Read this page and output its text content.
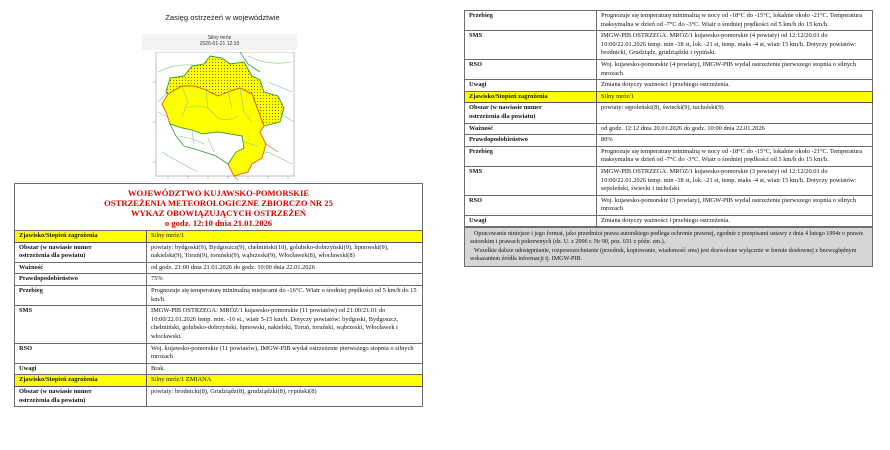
Zasięg ostrzeżeń w województwie
Silny mróz
2026-01-21 12:10
WOJEWÓDZTWO KUJAWSKO-POMORSKIE
OSTRZEŻENIA METEOROLOGICZNE ZBIORCZO NR 25
WYKAZ OBOWIĄZUJĄCYCH OSTRZEŻEŃ
o godz. 12:10 dnia 21.01.2026	

Zjawisko/Stopień zagrożenia	Silny mróz/1
Obszar (w nawiasie numer
ostrzeżenia dla powiatu)	powiaty: bydgoski(9), Bydgoszcz(9), chełmiński(10), golubsko-dobrzyński(9), lipnowski(9), nakielski(9), Toruń(9), toruński(9), wąbrzeski(9), Włocławek(8), włocławski(8)
Ważność	od godz. 21:00 dnia 21.01.2026 do godz. 10:00 dnia 22.01.2026
Prawdopodobieństwo	75%
Przebieg	Prognozuje się temperaturę minimalną miejscami do -16°C. Wiatr o średniej prędkości od 5 km/h do 15 km/h.
SMS	IMGW-PIB OSTRZEGA: MRÓZ/1 kujawsko-pomorskie (11 powiatów) od 21:00/21.01 do 10:00/22.01.2026 temp. min. -16 st., wiatr 5-15 km/h. Dotyczy powiatów: bydgoski, Bydgoszcz, chełmiński, golubsko-dobrzyński, lipnowski, nakielski, Toruń, toruński, wąbrzeski, Włocławek i włocławski.
RSO	Woj. kujawsko-pomorskie (11 powiatów), IMGW-PIB wydał ostrzeżenie pierwszego stopnia o silnych mrozach
Uwagi	Brak.
Zjawisko/Stopień zagrożenia	Silny mróz/1 ZMIANA
Obszar (w nawiasie numer
ostrzeżenia dla powiatu)	powiaty: brodnicki(8), Grudziądz(8), grudziądzki(8), rypiński(8)
Przebieg	Prognozuje się temperaturę minimalną w nocy od -18°C do -15°C, lokalnie około -21°C. Temperatura maksymalna w dzień od -7°C do -3°C. Wiatr o średniej prędkości od 5 km/h do 15 km/h.
SMS	IMGW-PIB OSTRZEGA: MRÓZ/1 kujawsko-pomorskie (4 powiaty) od 12:12/20.01 do 10:00/22.01.2026 temp. min -18 st, lok. -21 st, temp. maks -4 st, wiatr 15 km/h. Dotyczy powiatów: brodnicki, Grudziądz, grudziądzki i rypiński.
RSO	Woj. kujawsko-pomorskie (4 powiaty), IMGW-PIB wydał ostrzeżenie pierwszego stopnia o silnych mrozach
Uwagi	Zmiana dotyczy ważności i przebiegu ostrzeżenia.
Zjawisko/Stopień zagrożenia	Silny mróz/1
Obszar (w nawiasie numer
ostrzeżenia dla powiatu)	powiaty: sępoleński(8), świecki(9), tucholski(9)
Ważność	od godz. 12:12 dnia 20.01.2026 do godz. 10:00 dnia 22.01.2026
Prawdopodobieństwo	80%
Przebieg	Prognozuje się temperaturę minimalną w nocy od -18°C do -15°C, lokalnie około -21°C. Temperatura maksymalna w dzień od -7°C do -3°C. Wiatr o średniej prędkości od 5 km/h do 15 km/h.
SMS	IMGW-PIB OSTRZEGA: MRÓZ/1 kujawsko-pomorskie (3 powiaty) od 12:12/20.01 do 10:00/22.01.2026 temp. min -18 st, lok. -21 st, temp. maks -4 st, wiatr 15 km/h. Dotyczy powiatów: sepoleński, świecki i tucholski.
RSO	Woj. kujawsko-pomorskie (3 powiaty), IMGW-PIB wydał ostrzeżenie pierwszego stopnia o silnych mrozach
Uwagi	Zmiana dotyczy ważności i przebiegu ostrzeżenia.

Opracowanie niniejsze i jego format, jako przedmiot prawa autorskiego podlega ochronie prawnej, zgodnie z przepisami ustawy z dnia 4 lutego 1994r o prawie autorskim i prawach pokrewnych (dz. U. z 2006 r. Nr 90, poz. 631 z późn. zm.).

Wszelkie dalsze udostępnianie, rozpowszechnianie (przedruk, kopiowanie, wiadomość sms) jest dozwolone wyłącznie w formie dosłownej z bezwzględnym wskazaniem źródła informacji tj. IMGW-PIB.
